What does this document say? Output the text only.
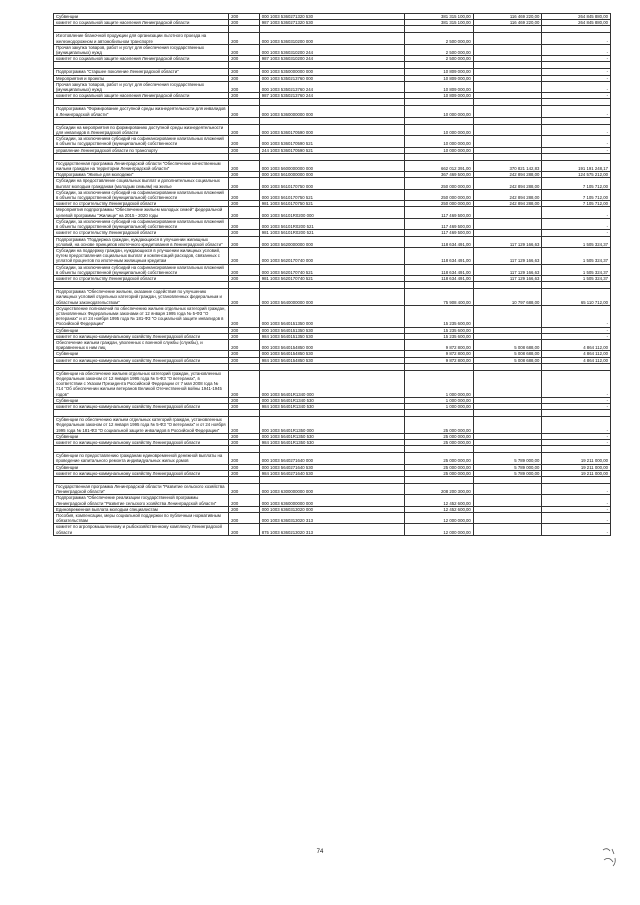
Субвенции	200	000 1003 5360271320 530	381 315 100,00	116 469 220,00	264 845 880,00
комитет по социальной защите населения Ленинградской области	200	987 1003 5360271320 530	381 315 100,00	116 469 220,00	264 845 880,00

Изготовление бланочной продукции для организации льготного проезда на железнодорожном и автомобильном транспорте	200	000 1003 5360310200 000	2 500 000,00		-
Прочая закупка товаров, работ и услуг для обеспечения государственных (муниципальных) нужд	200	000 1003 5360310200 244	2 500 000,00		-
комитет по социальной защите населения Ленинградской области	200	987 1003 5360310200 244	2 500 000,00		-

Подпрограмма "Старшее поколение Ленинградской области"	200	000 1003 5350000000 000	10 809 000,00		-
Мероприятия и проекты	200	000 1003 5350213760 000	10 809 000,00		-
Прочая закупка товаров, работ и услуг для обеспечения государственных (муниципальных) нужд	200	000 1003 5350213760 244	10 809 000,00		-
комитет по социальной защите населения Ленинградской области	200	987 1003 5350213760 244	10 809 000,00		-

Подпрограмма "Формирование доступной среды жизнедеятельности для инвалидов в Ленинградской области"	200	000 1003 5360000000 000	10 000 000,00		-

Субсидии на мероприятия по формированию доступной среды жизнедеятельности для инвалидов в Ленинградской области	200	000 1003 5360170590 000	10 000 000,00		-
Субсидии, за исключением субсидий на софинансирование капитальных вложений в объекты государственной (муниципальной) собственности	200	000 1003 5360170590 521	10 000 000,00		-
управление Ленинградской области по транспорту	200	244 1003 5360170590 521	10 000 000,00		-

Государственная программа Ленинградской области "Обеспечение качественным жильем граждан на территории Ленинградской области"	200	000 1003 5600000000 000	662 012 391,00	370 821 142,83	191 191 248,17
Подпрограмма "Жилье для молодежи"	200	000 1003 5610000000 000	367 469 500,00	242 894 288,00	124 575 212,00
Субсидии на предоставление социальных выплат и дополнительных социальных выплат молодым гражданам (молодым семьям) на жилье	200	000 1003 5610170750 000	250 000 000,00	242 894 288,00	7 105 712,00
Субсидии, за исключением субсидий на софинансирование капитальных вложений в объекты государственной (муниципальной) собственности	200	000 1003 5610170750 521	250 000 000,00	242 894 288,00	7 105 712,00
комитет по строительству Ленинградской области	200	981 1003 5610170750 521	250 000 000,00	242 894 288,00	7 105 712,00
Мероприятия подпрограммы "Обеспечение жильем молодых семей" федеральной целевой программы "Жилище" на 2015 - 2020 годы	200	000 1003 56101R0200 000	117 469 500,00		-
Субсидии, за исключением субсидий на софинансирование капитальных вложений в объекты государственной (муниципальной) собственности	200	000 1003 56101R0200 521	117 469 500,00		-
комитет по строительству Ленинградской области	200	981 1003 56101R0200 521	117 469 500,00		-
Подпрограмма "Поддержка граждан, нуждающихся в улучшении жилищных условий, на основе принципов ипотечного кредитования в Ленинградской области"	200	000 1003 5620000000 000	118 634 491,00	117 129 166,63	1 505 324,37
Субсидии на поддержку граждан, нуждающихся в улучшении жилищных условий, путем предоставления социальных выплат и компенсаций расходов, связанных с уплатой процентов по ипотечным жилищным кредитам	200	000 1003 5620170740 000	118 634 491,00	117 129 166,63	1 505 324,37
Субсидии, за исключением субсидий на софинансирование капитальных вложений в объекты государственной (муниципальной) собственности	200	000 1003 5620170740 521	118 634 491,00	117 129 166,63	1 505 324,37
комитет по строительству Ленинградской области	200	981 1003 5620170740 521	118 634 491,00	117 129 166,63	1 505 324,37

Подпрограмма "Обеспечение жильем, оказание содействия по улучшению жилищных условий отдельных категорий граждан, установленных федеральным и областным законодательством"	200	000 1003 5640000000 000	75 908 400,00	10 797 688,00	65 110 712,00
Осуществление полномочий по обеспечению жильем отдельных категорий граждан, установленных Федеральными законами от 12 января 1995 года № 5-ФЗ "О ветеранах" и от 24 ноября 1995 года № 181-ФЗ "О социальной защите инвалидов в Российской Федерации"	200	000 1003 5640151350 000	15 235 600,00		-
Субвенции	200	000 1003 5640151350 530	15 235 600,00		-
комитет по жилищно-коммунальному хозяйству Ленинградской области	200	984 1003 5640151350 530	15 235 600,00		-
Обеспечение жильем граждан, уволенных с военной службы (службы), и приравненных к ним лиц	200	000 1003 5640154850 000	9 872 800,00	5 008 688,00	4 864 112,00
Субвенции	200	000 1003 5640154850 530	9 872 800,00	5 008 688,00	4 864 112,00
комитет по жилищно-коммунальному хозяйству Ленинградской области	200	984 1003 5640154850 530	9 872 800,00	5 008 688,00	4 864 112,00

Субвенции на обеспечение жильем отдельных категорий граждан, установленных Федеральным законом от 12 января 1995 года № 5-ФЗ "О ветеранах", в соответствии с Указом Президента Российской Федерации от 7 мая 2008 года № 714 "Об обеспечении жильем ветеранов Великой Отечественной войны 1941-1945 годов"	200	000 1003 56401R1340 000	1 000 000,00		-
Субвенции	200	000 1003 56401R1340 530	1 000 000,00		-
комитет по жилищно-коммунальному хозяйству Ленинградской области	200	984 1003 56401R1340 530	1 000 000,00		-

Субвенции по обеспечению жильем отдельных категорий граждан, установленных Федеральным законом от 12 января 1995 года № 5-ФЗ "О ветеранах" и от 24 ноября 1995 года № 181-ФЗ "О социальной защите инвалидов в Российской Федерации"	200	000 1003 56401R1350 000	25 000 000,00		-
Субвенции	200	000 1003 56401R1350 530	25 000 000,00		-
комитет по жилищно-коммунальному хозяйству Ленинградской области	200	984 1003 56401R1350 530	25 000 000,00		-

Субвенции по предоставлению гражданам единовременной денежной выплаты на проведение капитального ремонта индивидуальных жилых домов	200	000 1003 5640271640 000	25 000 000,00	5 789 000,00	19 211 000,00
Субвенции	200	000 1003 5640271640 530	25 000 000,00	5 789 000,00	19 211 000,00
комитет по жилищно-коммунальному хозяйству Ленинградской области	200	984 1003 5640271640 530	25 000 000,00	5 789 000,00	19 211 000,00

Государственная программа Ленинградской области "Развитие сельского хозяйства Ленинградской области"	200	000 1003 6300000000 000	208 200 300,00		-
Подпрограмма "Обеспечение реализации государственной программы Ленинградской области "Развитие сельского хозяйства Ленинградской области"	200	000 1003 6360000000 000	12 452 600,00		-
Единовременная выплата молодым специалистам	200	000 1003 6360313020 000	12 452 600,00		-
Пособия, компенсации, меры социальной поддержки по публичным нормативным обязательствам	200	000 1003 6360313020 313	12 000 000,00		-
комитет по агропромышленному и рыбохозяйственному комплексу Ленинградской области	200	875 1003 6360213020 313	12 000 000,00		-
74
